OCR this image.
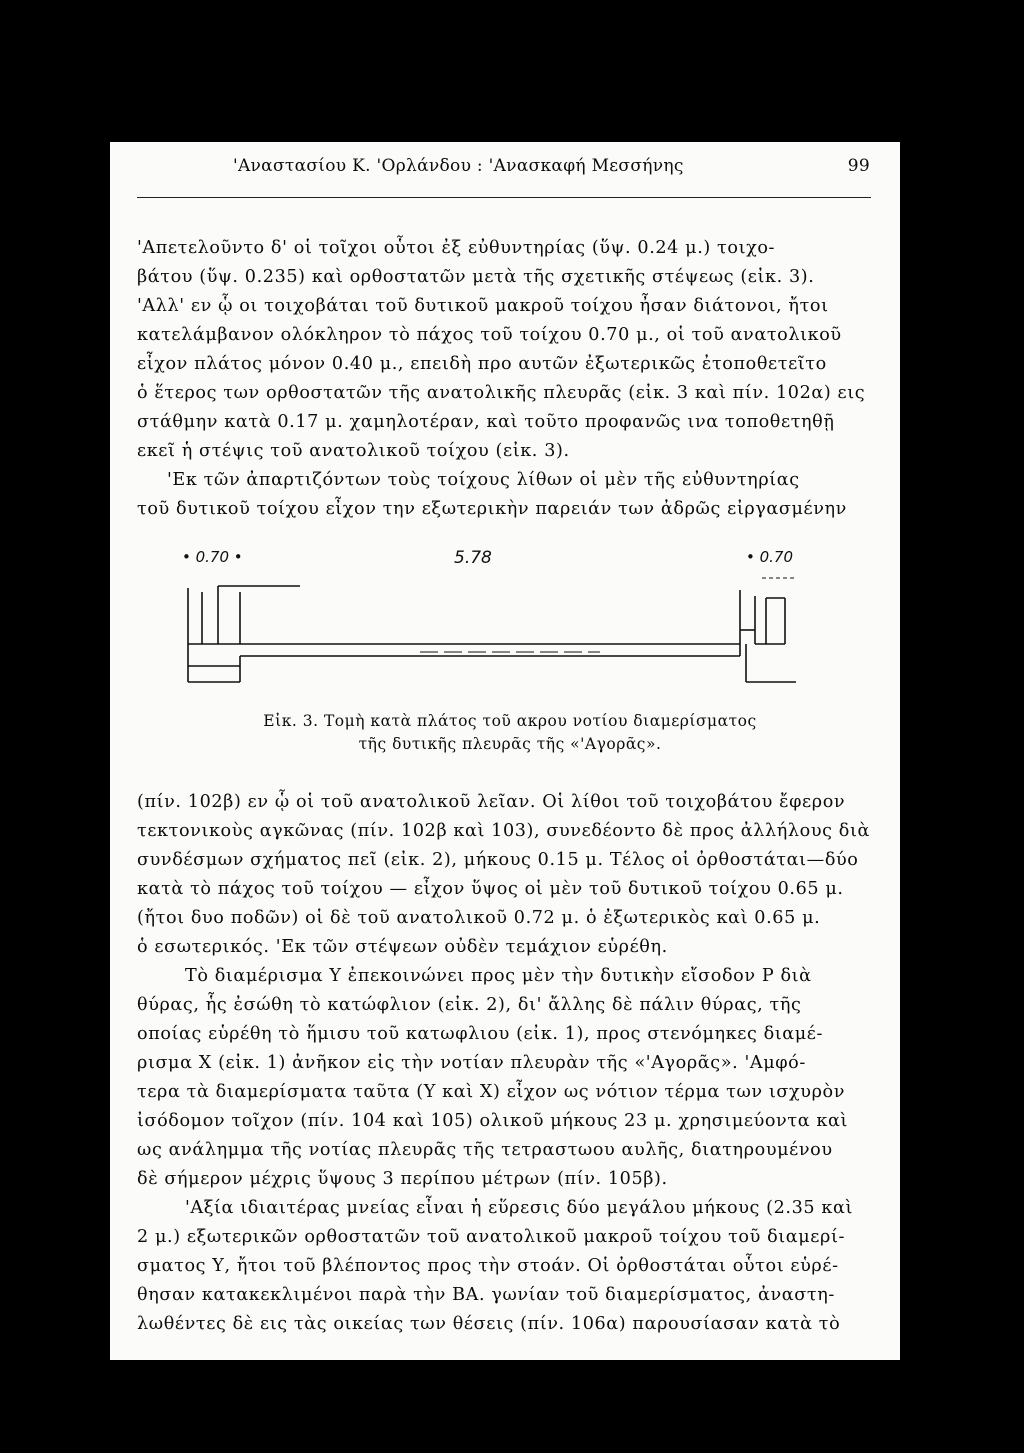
'Αναστασίου Κ. 'Ορλάνδου : 'Ανασκαφή Μεσσήνης	99
'Απετελοῦντο δ' οἱ τοῖχοι οὗτοι ἐξ εὐθυντηρίας (ὕψ. 0.24 μ.) τοιχο-
βάτου (ὕψ. 0.235) καὶ ορθοστατῶν μετὰ τῆς σχετικῆς στέψεως (εἰκ. 3).
'Αλλ' εν ᾧ οι τοιχοβάται τοῦ δυτικοῦ μακροῦ τοίχου ἦσαν διάτονοι, ἤτοι
κατελάμβανον ολόκληρον τὸ πάχος τοῦ τοίχου 0.70 μ., οἱ τοῦ ανατολικοῦ
εἶχον πλάτος μόνον 0.40 μ., επειδὴ προ αυτῶν ἐξωτερικῶς ἐτοποθετεῖτο
ὁ ἕτερος των ορθοστατῶν τῆς ανατολικῆς πλευρᾶς (εἰκ. 3 καὶ πίν. 102α) εις
στάθμην κατὰ 0.17 μ. χαμηλοτέραν, καὶ τοῦτο προφανῶς ινα τοποθετηθῇ
εκεῖ ἡ στέψις τοῦ ανατολικοῦ τοίχου (εἰκ. 3).
'Εκ τῶν ἀπαρτιζόντων τοὺς τοίχους λίθων οἱ μὲν τῆς εὐθυντηρίας
τοῦ δυτικοῦ τοίχου εἶχον την εξωτερικὴν παρειάν των ἀδρῶς εἰργασμένην
• 0.70 •	5.78	• 0.70
Εἰκ. 3. Τομὴ κατὰ πλάτος τοῦ ακρου νοτίου διαμερίσματος
τῆς δυτικῆς πλευρᾶς τῆς «'Αγορᾶς».
(πίν. 102β) εν ᾧ οἱ τοῦ ανατολικοῦ λεῖαν. Οἱ λίθοι τοῦ τοιχοβάτου ἔφερον
τεκτονικοὺς αγκῶνας (πίν. 102β καὶ 103), συνεδέοντο δὲ προς ἀλλήλους διὰ
συνδέσμων σχήματος πεῖ (εἰκ. 2), μήκους 0.15 μ. Τέλος οἱ ὀρθοστάται—δύο
κατὰ τὸ πάχος τοῦ τοίχου — εἶχον ὕψος οἱ μὲν τοῦ δυτικοῦ τοίχου 0.65 μ.
(ἤτοι δυο ποδῶν) οἱ δὲ τοῦ ανατολικοῦ 0.72 μ. ὁ ἐξωτερικὸς καὶ 0.65 μ.
ὁ εσωτερικός. 'Εκ τῶν στέψεων οὐδὲν τεμάχιον εὑρέθη.
Τὸ διαμέρισμα Υ ἐπεκοινώνει προς μὲν τὴν δυτικὴν εἴσοδον Ρ διὰ
θύρας, ἧς ἐσώθη τὸ κατώφλιον (εἰκ. 2), δι' ἄλλης δὲ πάλιν θύρας, τῆς
οποίας εὑρέθη τὸ ἥμισυ τοῦ κατωφλιου (εἰκ. 1), προς στενόμηκες διαμέ-
ρισμα Χ (εἰκ. 1) ἀνῆκον εἰς τὴν νοτίαν πλευρὰν τῆς «'Αγορᾶς». 'Αμφό-
τερα τὰ διαμερίσματα ταῦτα (Υ καὶ Χ) εἶχον ως νότιον τέρμα των ισχυρὸν
ἰσόδομον τοῖχον (πίν. 104 καὶ 105) ολικοῦ μήκους 23 μ. χρησιμεύοντα καὶ
ως ανάλημμα τῆς νοτίας πλευρᾶς τῆς τετραστωου αυλῆς, διατηρουμένου
δὲ σήμερον μέχρις ὕψους 3 περίπου μέτρων (πίν. 105β).
'Αξία ιδιαιτέρας μνείας εἶναι ἡ εὕρεσις δύο μεγάλου μήκους (2.35 καὶ
2 μ.) εξωτερικῶν ορθοστατῶν τοῦ ανατολικοῦ μακροῦ τοίχου τοῦ διαμερί-
σματος Υ, ἤτοι τοῦ βλέποντος προς τὴν στοάν. Οἱ ὀρθοστάται οὗτοι εὑρέ-
θησαν κατακεκλιμένοι παρὰ τὴν ΒΑ. γωνίαν τοῦ διαμερίσματος, ἀναστη-
λωθέντες δὲ εις τὰς οικείας των θέσεις (πίν. 106α) παρουσίασαν κατὰ τὸ
